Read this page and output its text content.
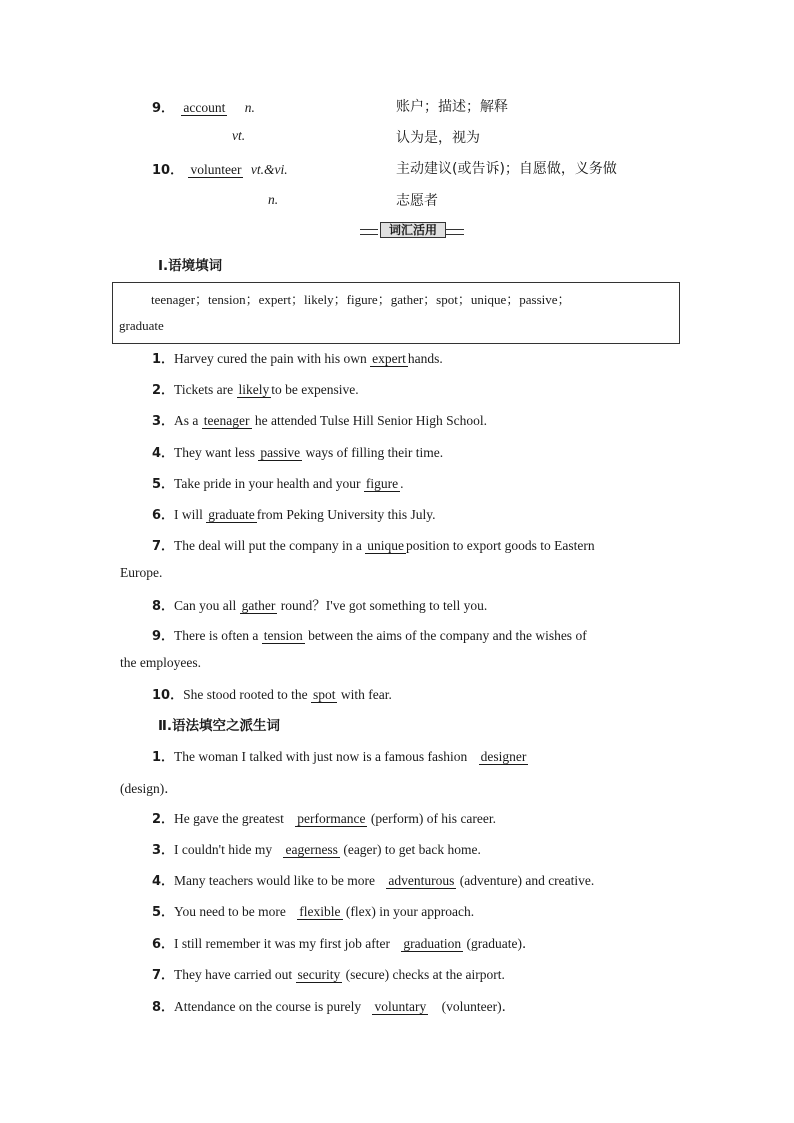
9． account n.	账户；描述；解释
vt.	认为是，视为
10． volunteer vt.&vi.	主动建议(或告诉)；自愿做，义务做
n.	志愿者
词汇活用
Ⅰ.语境填词
teenager；tension；expert；likely；figure；gather；spot；unique；passive；
graduate
1．Harvey cured the pain with his own experthands.
2．Tickets are likelyto be expensive.
3．As a teenager he attended Tulse Hill Senior High School.
4．They want less passive ways of filling their time.
5．Take pride in your health and your figure.
6．I will graduatefrom Peking University this July.
7．The deal will put the company in a uniqueposition to export goods to Eastern
Europe.
8．Can you all gather round？I've got something to tell you.
9．There is often a tension between the aims of the company and the wishes of
the employees.
10．She stood rooted to the spot with fear.
Ⅱ.语法填空之派生词
1．The woman I talked with just now is a famous fashion designer
(design)．
2．He gave the greatest performance (perform) of his career.
3．I couldn't hide my eagerness (eager) to get back home.
4．Many teachers would like to be more adventurous (adventure) and creative.
5．You need to be more flexible (flex) in your approach.
6．I still remember it was my first job after graduation (graduate)．
7．They have carried out security (secure) checks at the airport.
8．Attendance on the course is purely voluntary (volunteer)．
